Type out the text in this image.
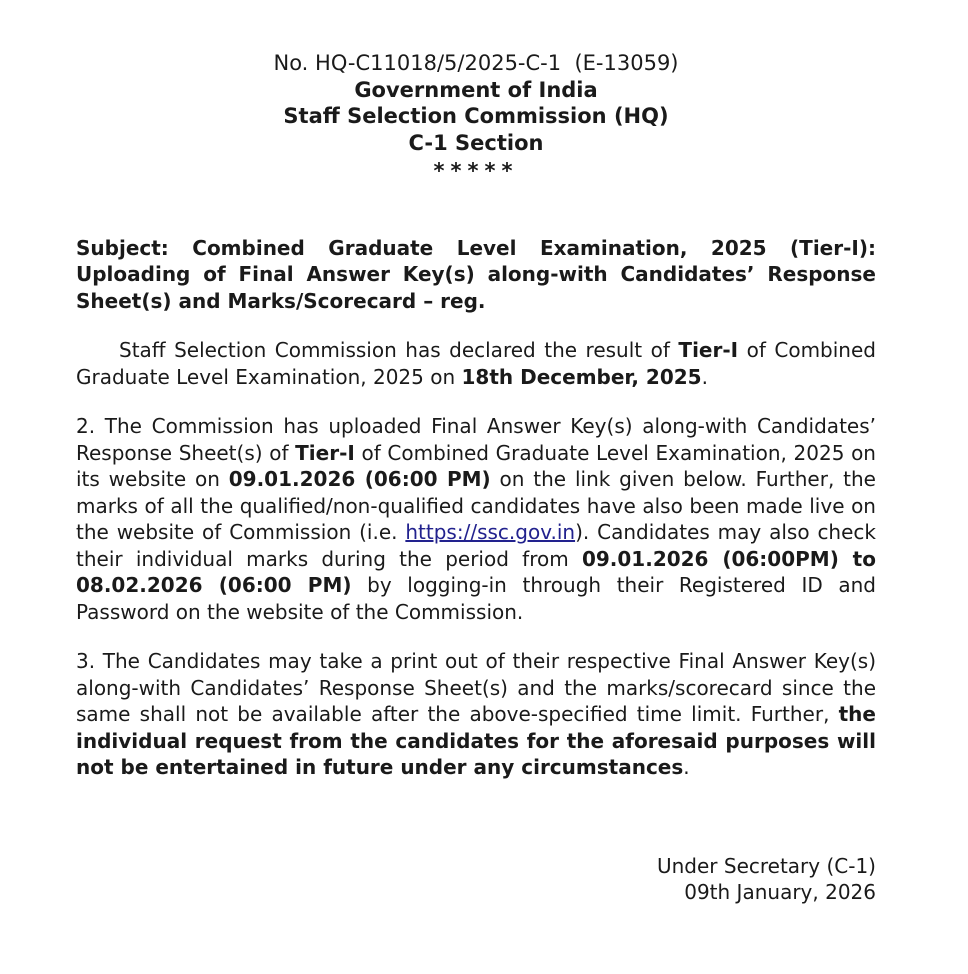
No. HQ-C11018/5/2025-C-1  (E-13059)
Government of India
Staff Selection Commission (HQ)
C-1 Section
*****

Subject: Combined Graduate Level Examination, 2025 (Tier-I): Uploading of Final Answer Key(s) along-with Candidates’ Response Sheet(s) and Marks/Scorecard – reg.

Staff Selection Commission has declared the result of Tier-I of Combined Graduate Level Examination, 2025 on 18th December, 2025.

2. The Commission has uploaded Final Answer Key(s) along-with Candidates’ Response Sheet(s) of Tier-I of Combined Graduate Level Examination, 2025 on its website on 09.01.2026 (06:00 PM) on the link given below. Further, the marks of all the qualified/non-qualified candidates have also been made live on the website of Commission (i.e. https://ssc.gov.in). Candidates may also check their individual marks during the period from 09.01.2026 (06:00PM) to 08.02.2026 (06:00 PM) by logging-in through their Registered ID and Password on the website of the Commission.

3. The Candidates may take a print out of their respective Final Answer Key(s) along-with Candidates’ Response Sheet(s) and the marks/scorecard since the same shall not be available after the above-specified time limit. Further, the individual request from the candidates for the aforesaid purposes will not be entertained in future under any circumstances.

Under Secretary (C-1)
09th January, 2026
